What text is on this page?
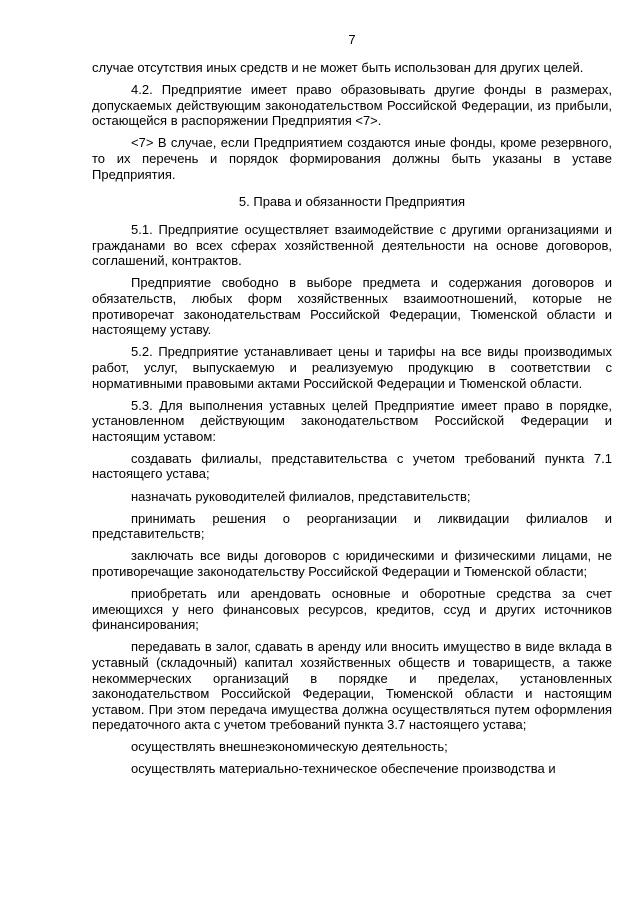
7

случае отсутствия иных средств и не может быть использован для других целей.

4.2. Предприятие имеет право образовывать другие фонды в размерах, допускаемых действующим законодательством Российской Федерации, из прибыли, остающейся в распоряжении Предприятия <7>.

<7> В случае, если Предприятием создаются иные фонды, кроме резервного, то их перечень и порядок формирования должны быть указаны в уставе Предприятия.

5. Права и обязанности Предприятия

5.1. Предприятие осуществляет взаимодействие с другими организациями и гражданами во всех сферах хозяйственной деятельности на основе договоров, соглашений, контрактов.

Предприятие свободно в выборе предмета и содержания договоров и обязательств, любых форм хозяйственных взаимоотношений, которые не противоречат законодательствам Российской Федерации, Тюменской области и настоящему уставу.

5.2. Предприятие устанавливает цены и тарифы на все виды производимых работ, услуг, выпускаемую и реализуемую продукцию в соответствии с нормативными правовыми актами Российской Федерации и Тюменской области.

5.3. Для выполнения уставных целей Предприятие имеет право в порядке, установленном действующим законодательством Российской Федерации и настоящим уставом:

создавать филиалы, представительства с учетом требований пункта 7.1 настоящего устава;

назначать руководителей филиалов, представительств;

принимать решения о реорганизации и ликвидации филиалов и представительств;

заключать все виды договоров с юридическими и физическими лицами, не противоречащие законодательству Российской Федерации и Тюменской области;

приобретать или арендовать основные и оборотные средства за счет имеющихся у него финансовых ресурсов, кредитов, ссуд и других источников финансирования;

передавать в залог, сдавать в аренду или вносить имущество в виде вклада в уставный (складочный) капитал хозяйственных обществ и товариществ, а также некоммерческих организаций в порядке и пределах, установленных законодательством Российской Федерации, Тюменской области и настоящим уставом. При этом передача имущества должна осуществляться путем оформления передаточного акта с учетом требований пункта 3.7 настоящего устава;

осуществлять внешнеэкономическую деятельность;

осуществлять материально-техническое обеспечение производства и
